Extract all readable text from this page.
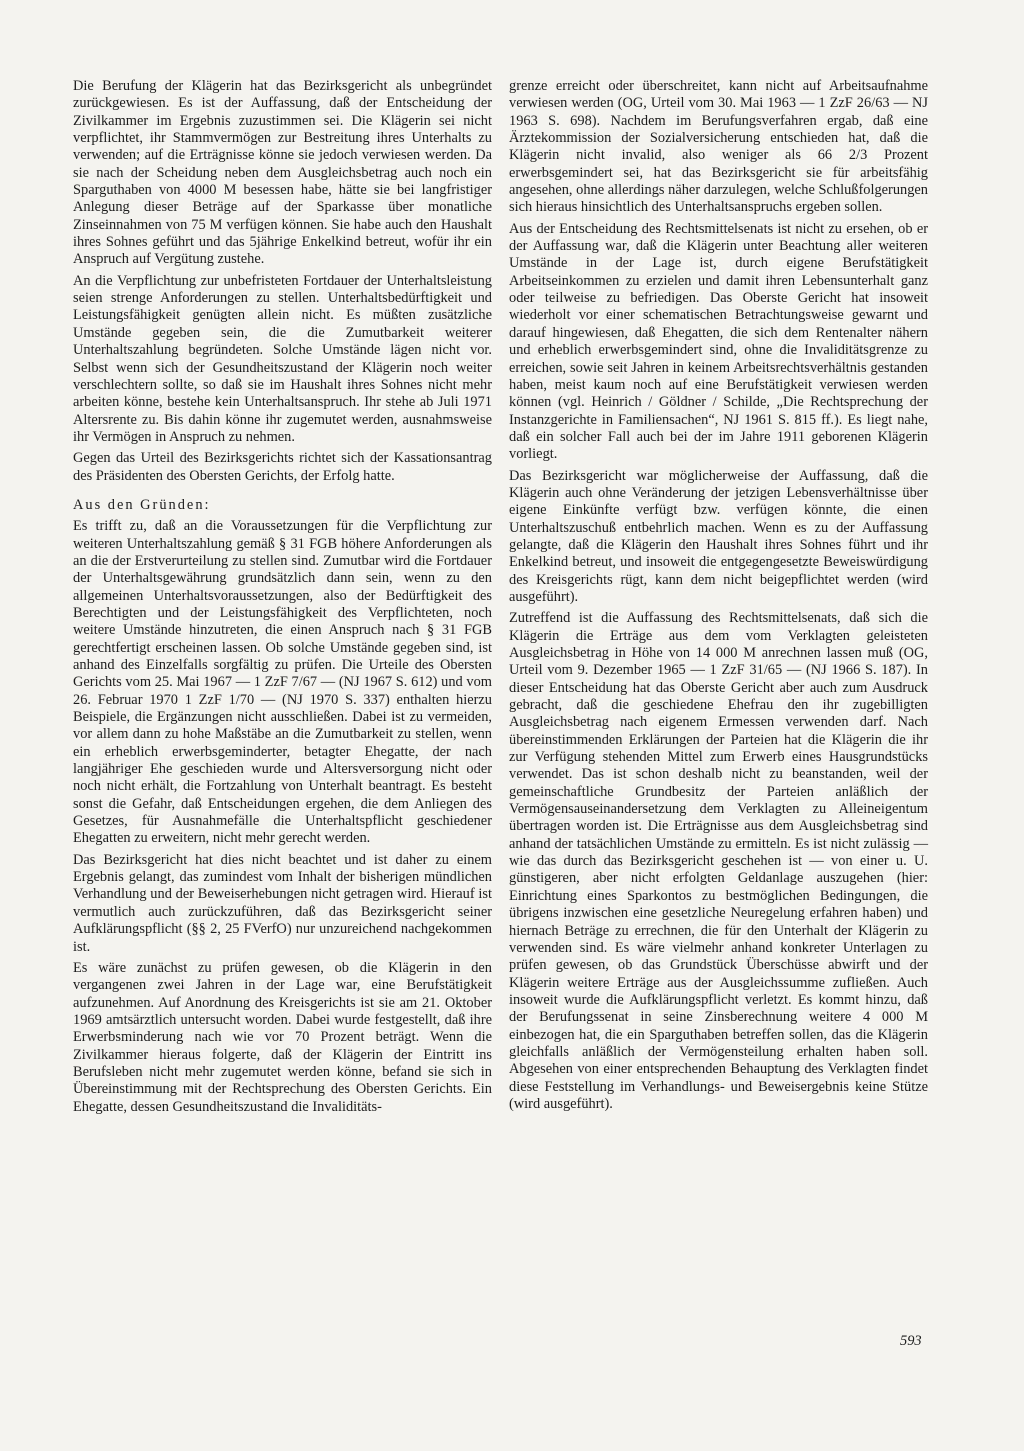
Die Berufung der Klägerin hat das Bezirksgericht als unbegründet zurückgewiesen. Es ist der Auffassung, daß der Entscheidung der Zivilkammer im Ergebnis zuzustimmen sei. Die Klägerin sei nicht verpflichtet, ihr Stammvermögen zur Bestreitung ihres Unterhalts zu verwenden; auf die Erträgnisse könne sie jedoch verwiesen werden. Da sie nach der Scheidung neben dem Ausgleichsbetrag auch noch ein Sparguthaben von 4000 M besessen habe, hätte sie bei langfristiger Anlegung dieser Beträge auf der Sparkasse über monatliche Zinseinnahmen von 75 M verfügen können. Sie habe auch den Haushalt ihres Sohnes geführt und das 5jährige Enkelkind betreut, wofür ihr ein Anspruch auf Vergütung zustehe.

An die Verpflichtung zur unbefristeten Fortdauer der Unterhaltsleistung seien strenge Anforderungen zu stellen. Unterhaltsbedürftigkeit und Leistungsfähigkeit genügten allein nicht. Es müßten zusätzliche Umstände gegeben sein, die die Zumutbarkeit weiterer Unterhaltszahlung begründeten. Solche Umstände lägen nicht vor. Selbst wenn sich der Gesundheitszustand der Klägerin noch weiter verschlechtern sollte, so daß sie im Haushalt ihres Sohnes nicht mehr arbeiten könne, bestehe kein Unterhaltsanspruch. Ihr stehe ab Juli 1971 Altersrente zu. Bis dahin könne ihr zugemutet werden, ausnahmsweise ihr Vermögen in Anspruch zu nehmen.

Gegen das Urteil des Bezirksgerichts richtet sich der Kassationsantrag des Präsidenten des Obersten Gerichts, der Erfolg hatte.

Aus den Gründen:

Es trifft zu, daß an die Voraussetzungen für die Verpflichtung zur weiteren Unterhaltszahlung gemäß § 31 FGB höhere Anforderungen als an die der Erstverurteilung zu stellen sind. Zumutbar wird die Fortdauer der Unterhaltsgewährung grundsätzlich dann sein, wenn zu den allgemeinen Unterhaltsvoraussetzungen, also der Bedürftigkeit des Berechtigten und der Leistungsfähigkeit des Verpflichteten, noch weitere Umstände hinzutreten, die einen Anspruch nach § 31 FGB gerechtfertigt erscheinen lassen. Ob solche Umstände gegeben sind, ist anhand des Einzelfalls sorgfältig zu prüfen. Die Urteile des Obersten Gerichts vom 25. Mai 1967 — 1 ZzF 7/67 — (NJ 1967 S. 612) und vom 26. Februar 1970 1 ZzF 1/70 — (NJ 1970 S. 337) enthalten hierzu Beispiele, die Ergänzungen nicht ausschließen. Dabei ist zu vermeiden, vor allem dann zu hohe Maßstäbe an die Zumutbarkeit zu stellen, wenn ein erheblich erwerbsgeminderter, betagter Ehegatte, der nach langjähriger Ehe geschieden wurde und Altersversorgung nicht oder noch nicht erhält, die Fortzahlung von Unterhalt beantragt. Es besteht sonst die Gefahr, daß Entscheidungen ergehen, die dem Anliegen des Gesetzes, für Ausnahmefälle die Unterhaltspflicht geschiedener Ehegatten zu erweitern, nicht mehr gerecht werden.

Das Bezirksgericht hat dies nicht beachtet und ist daher zu einem Ergebnis gelangt, das zumindest vom Inhalt der bisherigen mündlichen Verhandlung und der Beweiserhebungen nicht getragen wird. Hierauf ist vermutlich auch zurückzuführen, daß das Bezirksgericht seiner Aufklärungspflicht (§§ 2, 25 FVerfO) nur unzureichend nachgekommen ist.

Es wäre zunächst zu prüfen gewesen, ob die Klägerin in den vergangenen zwei Jahren in der Lage war, eine Berufstätigkeit aufzunehmen. Auf Anordnung des Kreisgerichts ist sie am 21. Oktober 1969 amtsärztlich untersucht worden. Dabei wurde festgestellt, daß ihre Erwerbsminderung nach wie vor 70 Prozent beträgt. Wenn die Zivilkammer hieraus folgerte, daß der Klägerin der Eintritt ins Berufsleben nicht mehr zugemutet werden könne, befand sie sich in Übereinstimmung mit der Rechtsprechung des Obersten Gerichts. Ein Ehegatte, dessen Gesundheitszustand die Invaliditäts-

grenze erreicht oder überschreitet, kann nicht auf Arbeitsaufnahme verwiesen werden (OG, Urteil vom 30. Mai 1963 — 1 ZzF 26/63 — NJ 1963 S. 698). Nachdem im Berufungsverfahren ergab, daß eine Ärztekommission der Sozialversicherung entschieden hat, daß die Klägerin nicht invalid, also weniger als 66 2/3 Prozent erwerbsgemindert sei, hat das Bezirksgericht sie für arbeitsfähig angesehen, ohne allerdings näher darzulegen, welche Schlußfolgerungen sich hieraus hinsichtlich des Unterhaltsanspruchs ergeben sollen.

Aus der Entscheidung des Rechtsmittelsenats ist nicht zu ersehen, ob er der Auffassung war, daß die Klägerin unter Beachtung aller weiteren Umstände in der Lage ist, durch eigene Berufstätigkeit Arbeitseinkommen zu erzielen und damit ihren Lebensunterhalt ganz oder teilweise zu befriedigen. Das Oberste Gericht hat insoweit wiederholt vor einer schematischen Betrachtungsweise gewarnt und darauf hingewiesen, daß Ehegatten, die sich dem Rentenalter nähern und erheblich erwerbsgemindert sind, ohne die Invaliditätsgrenze zu erreichen, sowie seit Jahren in keinem Arbeitsrechtsverhältnis gestanden haben, meist kaum noch auf eine Berufstätigkeit verwiesen werden können (vgl. Heinrich / Göldner / Schilde, „Die Rechtsprechung der Instanzgerichte in Familiensachen“, NJ 1961 S. 815 ff.). Es liegt nahe, daß ein solcher Fall auch bei der im Jahre 1911 geborenen Klägerin vorliegt.

Das Bezirksgericht war möglicherweise der Auffassung, daß die Klägerin auch ohne Veränderung der jetzigen Lebensverhältnisse über eigene Einkünfte verfügt bzw. verfügen könnte, die einen Unterhaltszuschuß entbehrlich machen. Wenn es zu der Auffassung gelangte, daß die Klägerin den Haushalt ihres Sohnes führt und ihr Enkelkind betreut, und insoweit die entgegengesetzte Beweiswürdigung des Kreisgerichts rügt, kann dem nicht beigepflichtet werden (wird ausgeführt).

Zutreffend ist die Auffassung des Rechtsmittelsenats, daß sich die Klägerin die Erträge aus dem vom Verklagten geleisteten Ausgleichsbetrag in Höhe von 14 000 M anrechnen lassen muß (OG, Urteil vom 9. Dezember 1965 — 1 ZzF 31/65 — (NJ 1966 S. 187). In dieser Entscheidung hat das Oberste Gericht aber auch zum Ausdruck gebracht, daß die geschiedene Ehefrau den ihr zugebilligten Ausgleichsbetrag nach eigenem Ermessen verwenden darf. Nach übereinstimmenden Erklärungen der Parteien hat die Klägerin die ihr zur Verfügung stehenden Mittel zum Erwerb eines Hausgrundstücks verwendet. Das ist schon deshalb nicht zu beanstanden, weil der gemeinschaftliche Grundbesitz der Parteien anläßlich der Vermögensauseinandersetzung dem Verklagten zu Alleineigentum übertragen worden ist. Die Erträgnisse aus dem Ausgleichsbetrag sind anhand der tatsächlichen Umstände zu ermitteln. Es ist nicht zulässig — wie das durch das Bezirksgericht geschehen ist — von einer u. U. günstigeren, aber nicht erfolgten Geldanlage auszugehen (hier: Einrichtung eines Sparkontos zu bestmöglichen Bedingungen, die übrigens inzwischen eine gesetzliche Neuregelung erfahren haben) und hiernach Beträge zu errechnen, die für den Unterhalt der Klägerin zu verwenden sind. Es wäre vielmehr anhand konkreter Unterlagen zu prüfen gewesen, ob das Grundstück Überschüsse abwirft und der Klägerin weitere Erträge aus der Ausgleichssumme zufließen. Auch insoweit wurde die Aufklärungspflicht verletzt. Es kommt hinzu, daß der Berufungssenat in seine Zinsberechnung weitere 4 000 M einbezogen hat, die ein Sparguthaben betreffen sollen, das die Klägerin gleichfalls anläßlich der Vermögensteilung erhalten haben soll. Abgesehen von einer entsprechenden Behauptung des Verklagten findet diese Feststellung im Verhandlungs- und Beweisergebnis keine Stütze (wird ausgeführt).

593
